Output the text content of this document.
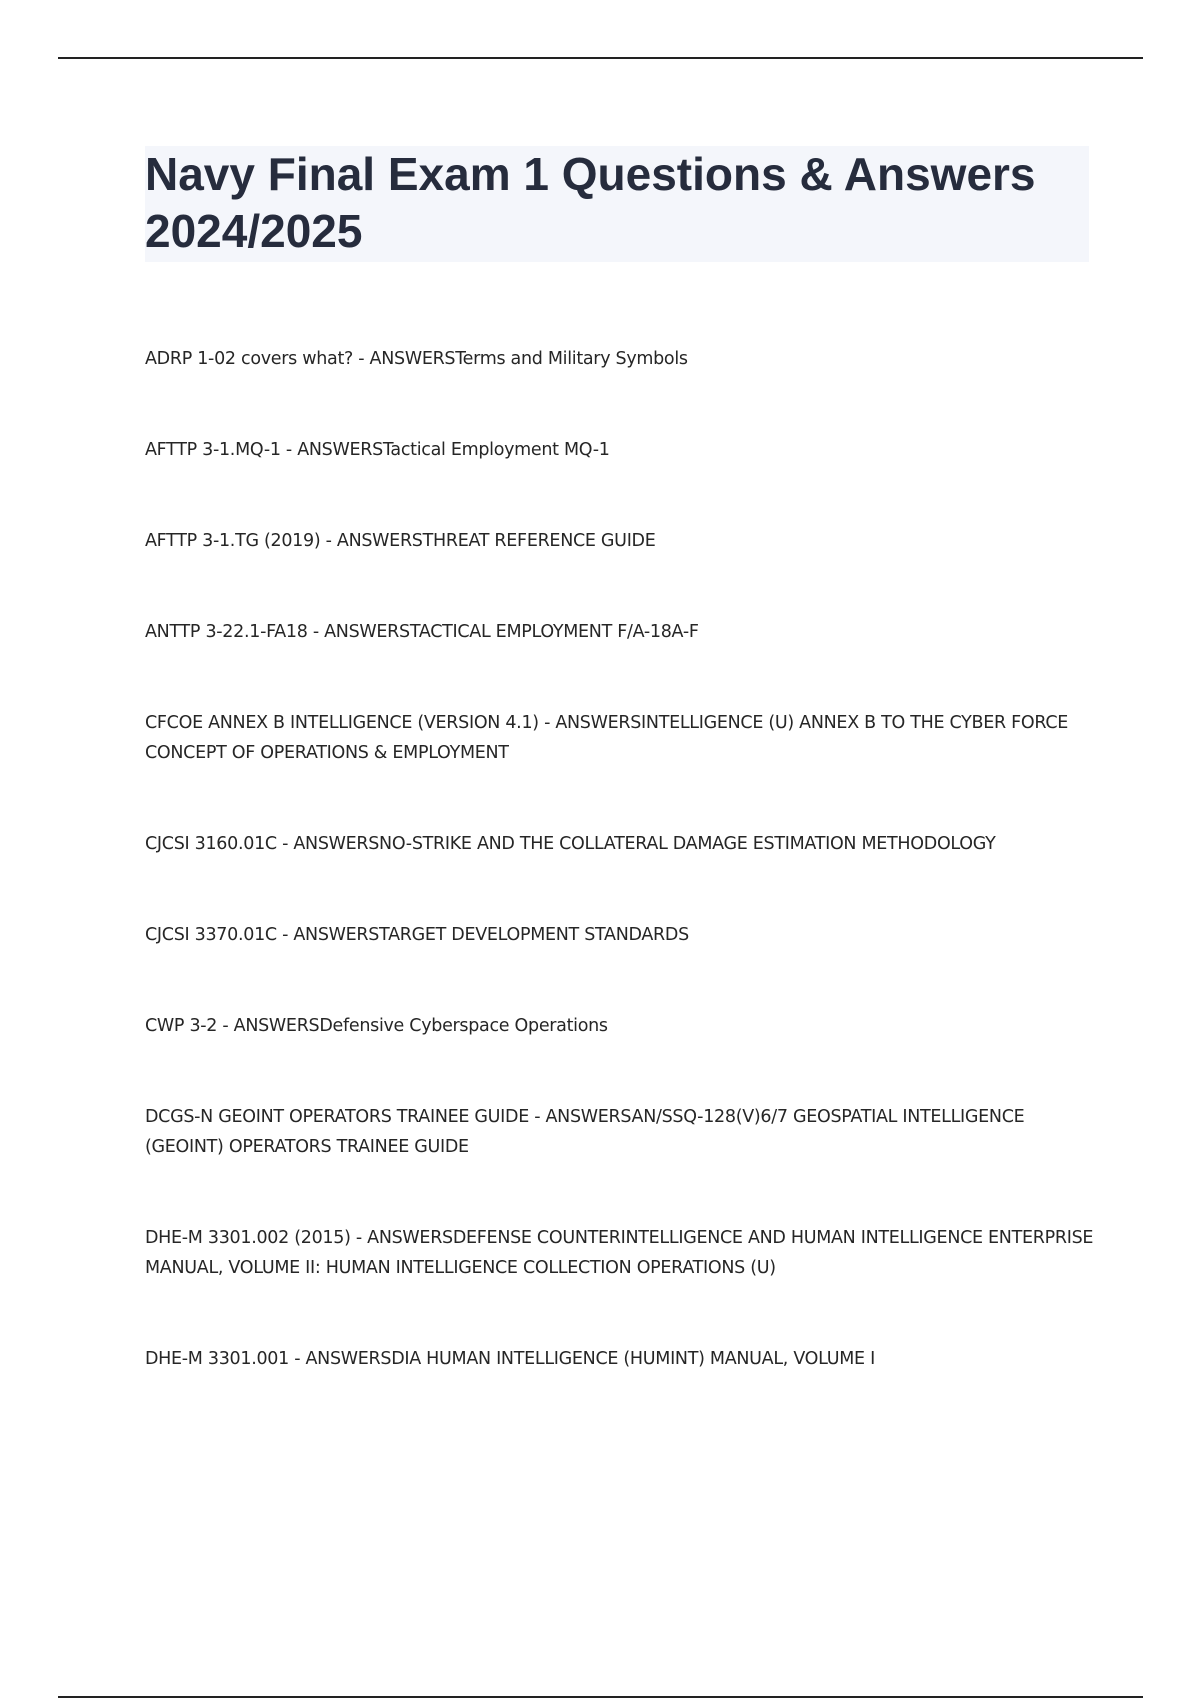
Navy Final Exam 1 Questions & Answers 2024/2025
ADRP 1-02 covers what? - ANSWERSTerms and Military Symbols
AFTTP 3-1.MQ-1 - ANSWERSTactical Employment MQ-1
AFTTP 3-1.TG (2019) - ANSWERSTHREAT REFERENCE GUIDE
ANTTP 3-22.1-FA18 - ANSWERSTACTICAL EMPLOYMENT F/A-18A-F
CFCOE ANNEX B INTELLIGENCE (VERSION 4.1) - ANSWERSINTELLIGENCE (U) ANNEX B TO THE CYBER FORCE CONCEPT OF OPERATIONS & EMPLOYMENT
CJCSI 3160.01C - ANSWERSNO-STRIKE AND THE COLLATERAL DAMAGE ESTIMATION METHODOLOGY
CJCSI 3370.01C - ANSWERSTARGET DEVELOPMENT STANDARDS
CWP 3-2 - ANSWERSDefensive Cyberspace Operations
DCGS-N GEOINT OPERATORS TRAINEE GUIDE - ANSWERSAN/SSQ-128(V)6/7 GEOSPATIAL INTELLIGENCE (GEOINT) OPERATORS TRAINEE GUIDE
DHE-M 3301.002 (2015) - ANSWERSDEFENSE COUNTERINTELLIGENCE AND HUMAN INTELLIGENCE ENTERPRISE MANUAL, VOLUME II: HUMAN INTELLIGENCE COLLECTION OPERATIONS (U)
DHE-M 3301.001 - ANSWERSDIA HUMAN INTELLIGENCE (HUMINT) MANUAL, VOLUME I
